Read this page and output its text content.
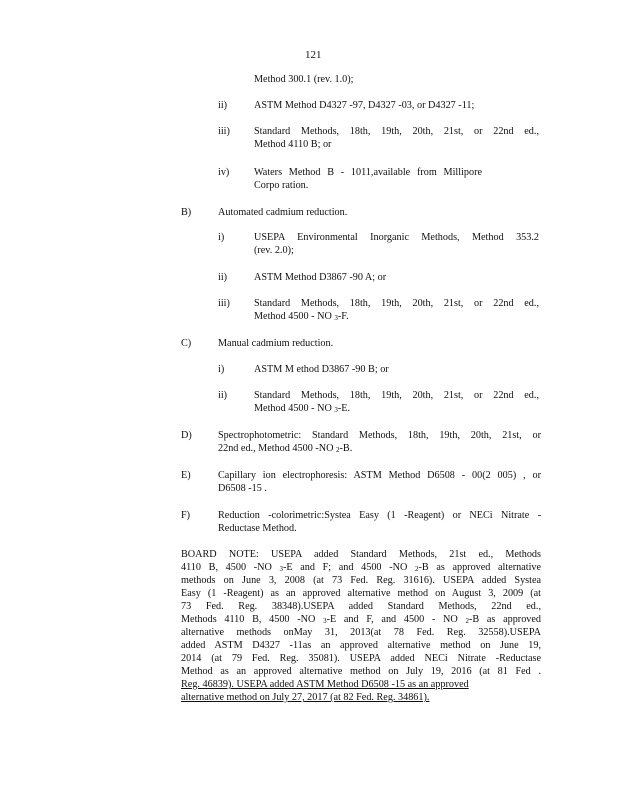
121
Method 300.1 (rev. 1.0);
ii)	ASTM Method D4327 -97, D4327 -03, or D4327 -11;
iii) Standard Methods, 18th, 19th, 20th, 21st, or 22nd ed.,
Method 4110 B; or
iv) Waters Method B - 1011,available from Millipore
Corpo ration.
B)	Automated cadmium reduction.
i)	USEPA Environmental Inorganic Methods, Method 353.2
(rev. 2.0);
ii)	ASTM Method D3867 -90 A; or
iii) Standard Methods, 18th, 19th, 20th, 21st, or 22nd ed.,
Method 4500 - NO $_3$-F.
C)	Manual cadmium reduction.
i)	ASTM M ethod D3867 -90 B; or
ii)	Standard Methods, 18th, 19th, 20th, 21st, or 22nd ed.,
Method 4500 - NO $_3$-E.
D)	Spectrophotometric: Standard Methods, 18th, 19th, 20th, 21st, or
22nd ed., Method 4500 -NO $_2$-B.
E)	Capillary ion electrophoresis: ASTM Method D6508 - 00(2 005) , or
D6508 -15 .
F)	Reduction -colorimetric:Systea Easy (1 -Reagent) or NECi Nitrate -
Reductase Method.
BOARD NOTE: USEPA added Standard Methods, 21st ed., Methods
4110 B, 4500 -NO $_3$-E and F; and 4500 -NO $_2$-B as approved alternative
methods on June 3, 2008 (at 73 Fed. Reg. 31616). USEPA added Systea
Easy (1 -Reagent) as an approved alternative method on August 3, 2009 (at
73 Fed. Reg. 38348).USEPA added Standard Methods, 22nd ed.,
Methods 4110 B, 4500 -NO $_3$-E and F, and 4500 - NO $_2$-B as approved
alternative methods onMay 31, 2013(at 78 Fed. Reg. 32558).USEPA
added ASTM D4327 -11as an approved alternative method on June 19,
2014 (at 79 Fed. Reg. 35081). USEPA added NECi Nitrate -Reductase
Method as an approved alternative method on July 19, 2016 (at 81 Fed .
Reg. 46839). USEPA added ASTM Method D6508 -15 as an approved
alternative method on July 27, 2017 (at 82 Fed. Reg. 34861).
